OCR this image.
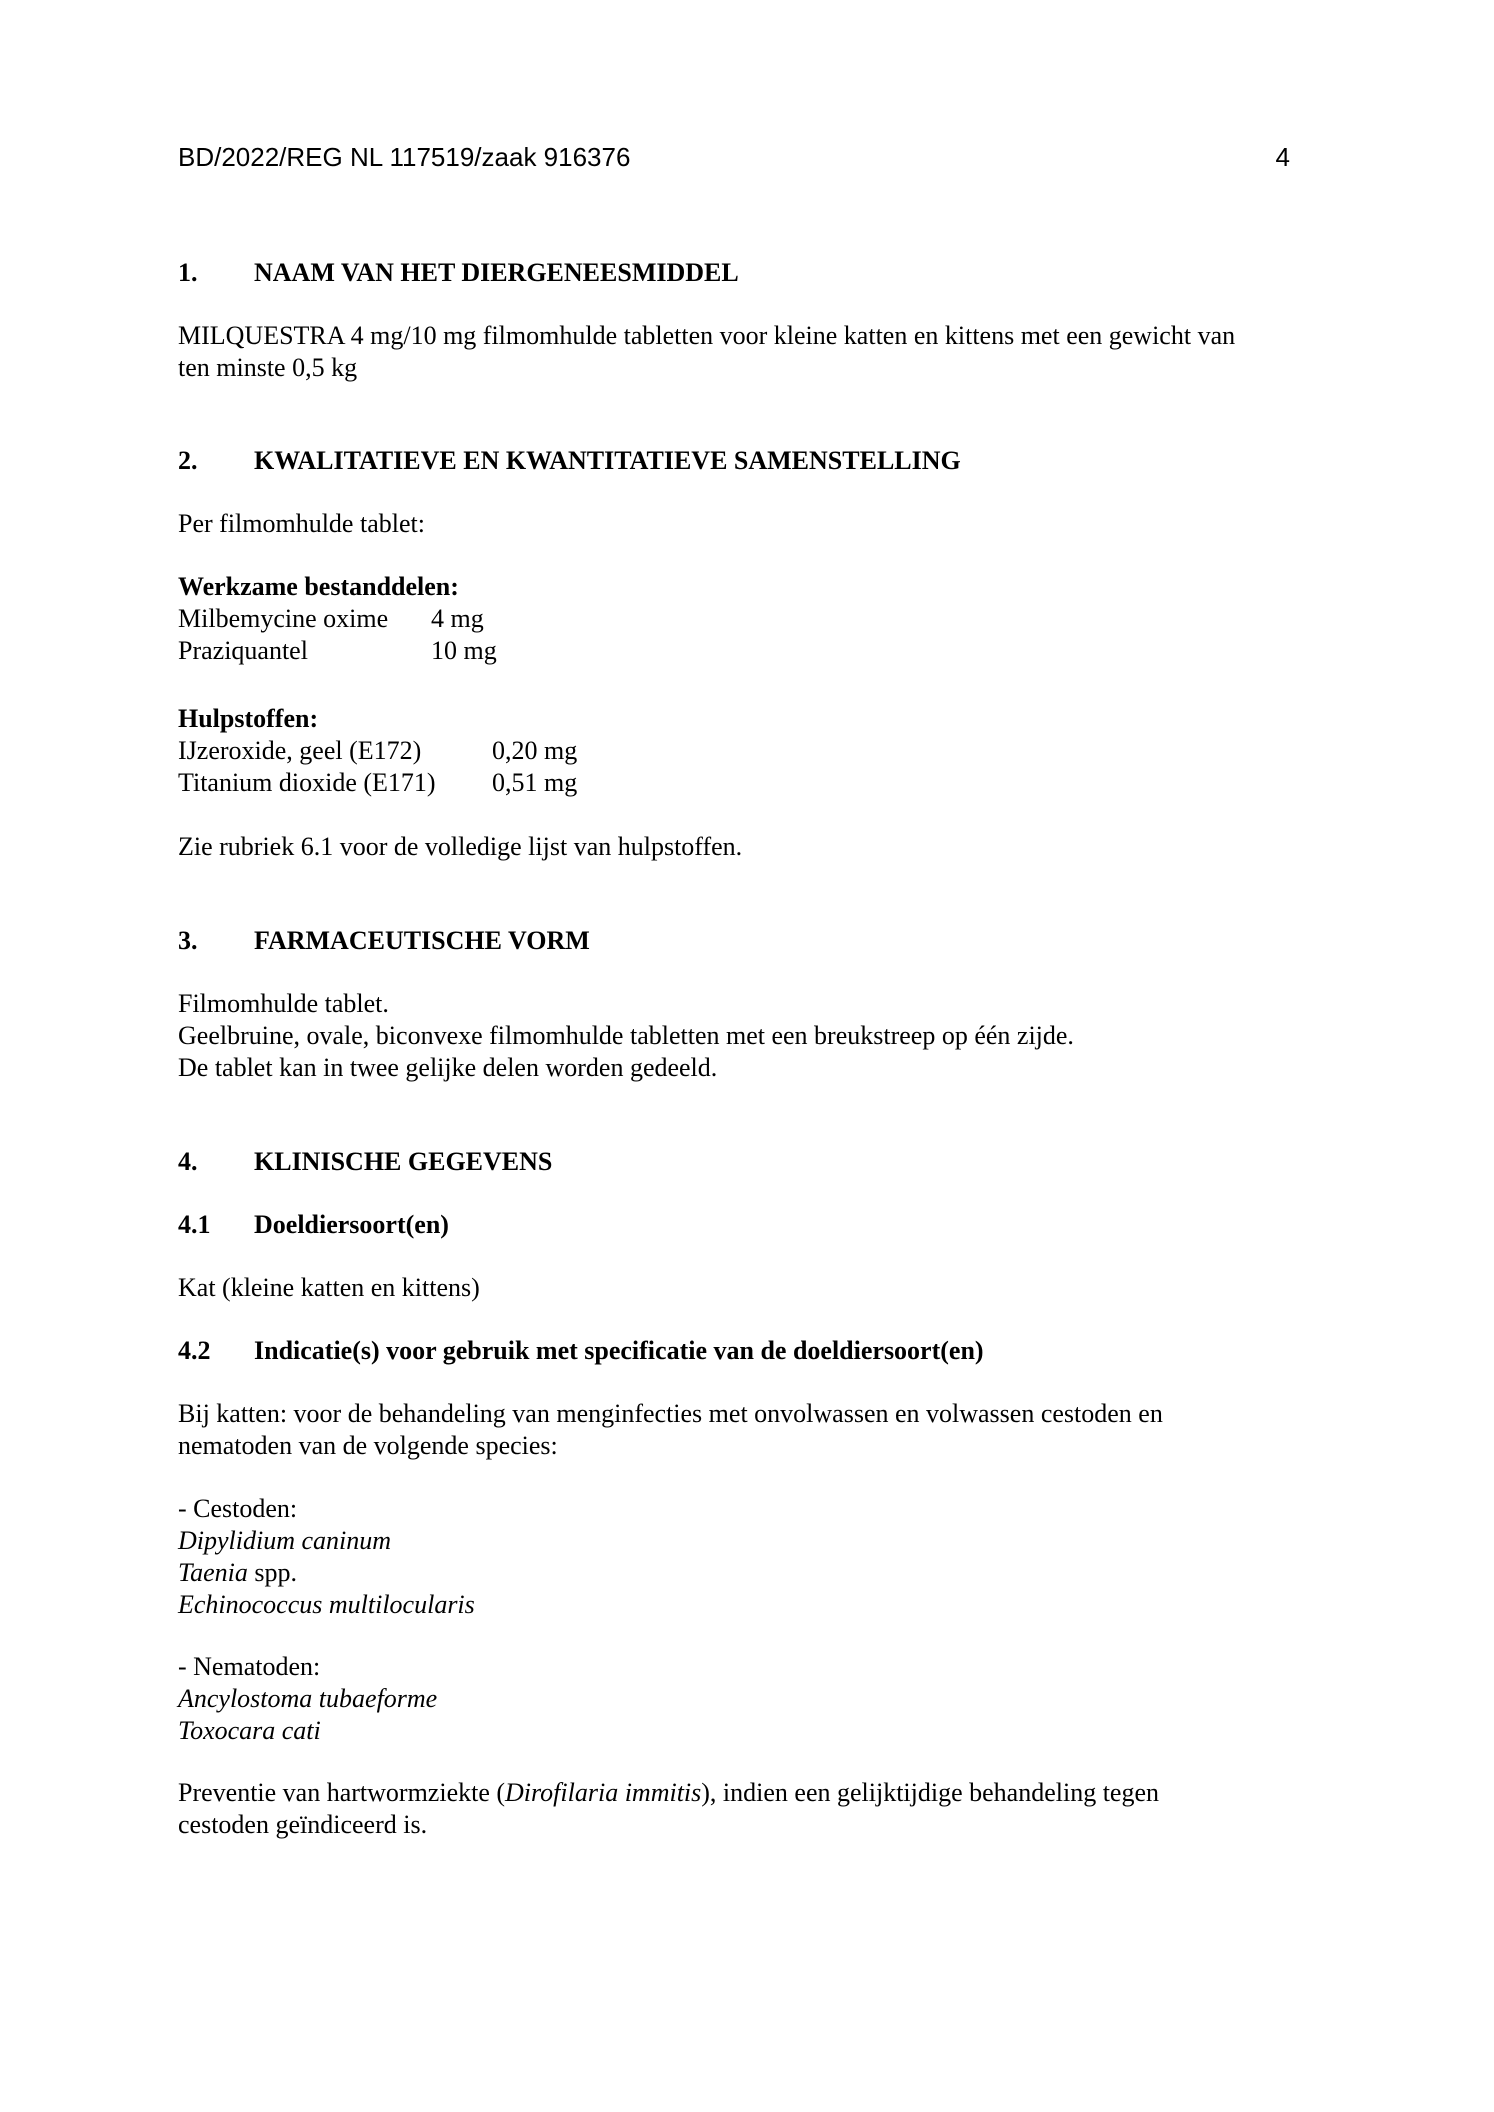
BD/2022/REG NL 117519/zaak 916376	4
1. NAAM VAN HET DIERGENEESMIDDEL
MILQUESTRA 4 mg/10 mg filmomhulde tabletten voor kleine katten en kittens met een gewicht van
ten minste 0,5 kg
2. KWALITATIEVE EN KWANTITATIEVE SAMENSTELLING
Per filmomhulde tablet:
Werkzame bestanddelen:
Milbemycine oxime 4 mg
Praziquantel	10 mg
Hulpstoffen:
IJzeroxide, geel (E172)	0,20 mg
Titanium dioxide (E171) 0,51 mg
Zie rubriek 6.1 voor de volledige lijst van hulpstoffen.
3. FARMACEUTISCHE VORM
Filmomhulde tablet.
Geelbruine, ovale, biconvexe filmomhulde tabletten met een breukstreep op één zijde.
De tablet kan in twee gelijke delen worden gedeeld.
4. KLINISCHE GEGEVENS
4.1 Doeldiersoort(en)
Kat (kleine katten en kittens)
4.2 Indicatie(s) voor gebruik met specificatie van de doeldiersoort(en)
Bij katten: voor de behandeling van menginfecties met onvolwassen en volwassen cestoden en
nematoden van de volgende species:
- Cestoden:
Dipylidium caninum
Taenia spp.
Echinococcus multilocularis
- Nematoden:
Ancylostoma tubaeforme
Toxocara cati
Preventie van hartwormziekte (Dirofilaria immitis), indien een gelijktijdige behandeling tegen
cestoden geïndiceerd is.
